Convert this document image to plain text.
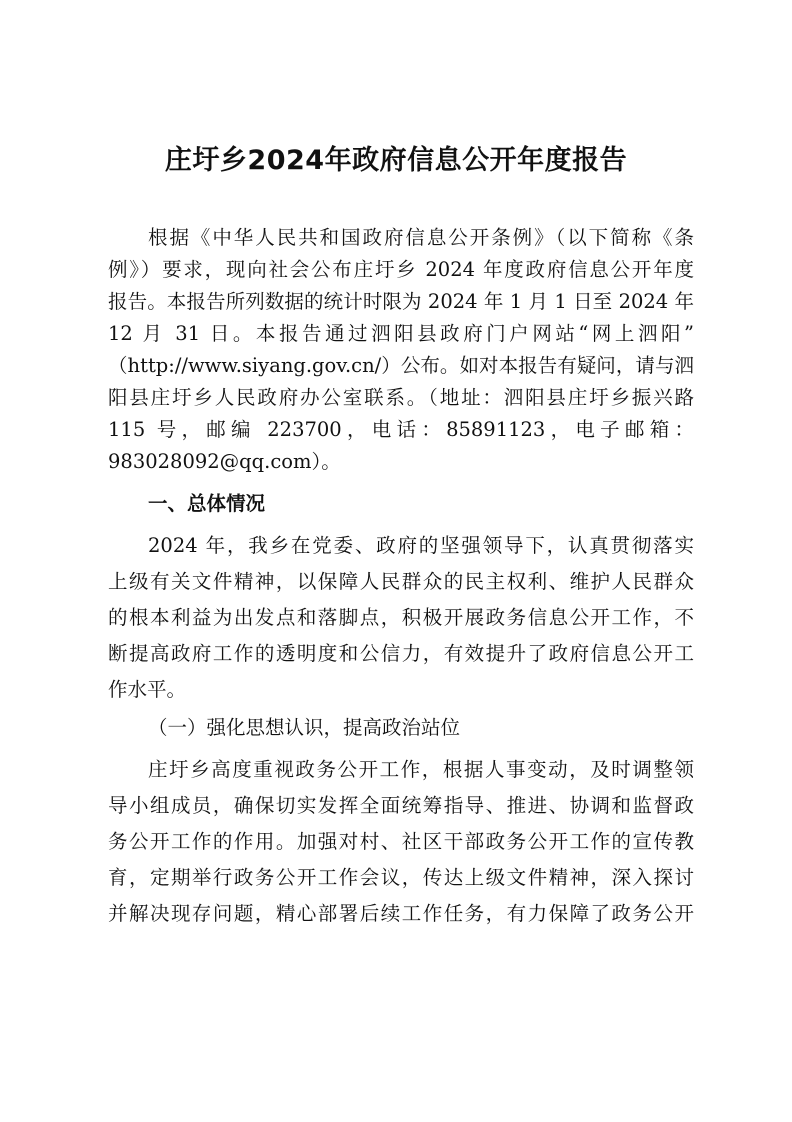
庄圩乡2024年政府信息公开年度报告
根据《中华人民共和国政府信息公开条例》（以下简称《条
例》）要求，现向社会公布庄圩乡 2024 年度政府信息公开年度
报告。本报告所列数据的统计时限为 2024 年 1 月 1 日至 2024 年
12 月 31 日。本报告通过泗阳县政府门户网站“网上泗阳”
（http://www.siyang.gov.cn/）公布。如对本报告有疑问，请与泗
阳县庄圩乡人民政府办公室联系。（地址：泗阳县庄圩乡振兴路
115 号，邮编 223700，电话：85891123，电子邮箱：
983028092@qq.com）。
一、总体情况
2024 年，我乡在党委、政府的坚强领导下，认真贯彻落实
上级有关文件精神，以保障人民群众的民主权利、维护人民群众
的根本利益为出发点和落脚点，积极开展政务信息公开工作，不
断提高政府工作的透明度和公信力，有效提升了政府信息公开工
作水平。
（一）强化思想认识，提高政治站位
庄圩乡高度重视政务公开工作，根据人事变动，及时调整领
导小组成员，确保切实发挥全面统筹指导、推进、协调和监督政
务公开工作的作用。加强对村、社区干部政务公开工作的宣传教
育，定期举行政务公开工作会议，传达上级文件精神，深入探讨
并解决现存问题，精心部署后续工作任务，有力保障了政务公开
